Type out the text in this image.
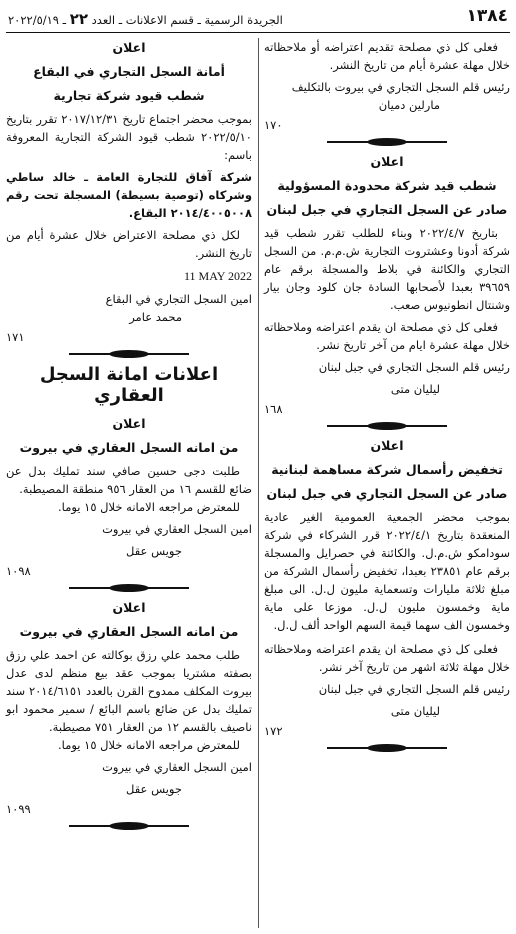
١٣٨٤
الجريدة الرسمية ـ قسم الاعلانات ـ العدد ٢٢ ـ ٢٠٢٢/٥/١٩

فعلى كل ذي مصلحة تقديم اعتراضه أو ملاحظاته خلال مهلة عشرة أيام من تاريخ النشر.

رئيس قلم السجل التجاري في بيروت بالتكليف

مارلين دميان

١٧٠

اعلان

شطب قيد شركة محدودة المسؤولية

صادر عن السجل التجاري في جبل لبنان

بتاريخ ٢٠٢٢/٤/٧ وبناء للطلب تقرر شطب قيد شركة أدونا وعشتروت التجارية ش.م.م. من السجل التجاري والكائنة في بلاط والمسجلة برقم عام ٣٩٦٥٩ بعبدا لأصحابها السادة جان كلود وجان بيار وشنتال انطونيوس صعب.

فعلى كل ذي مصلحة ان يقدم اعتراضه وملاحظاته خلال مهلة عشرة ايام من آخر تاريخ نشر.

رئيس قلم السجل التجاري في جبل لبنان

ليليان متى

١٦٨

اعلان

تخفيض رأسمال شركة مساهمة لبنانية

صادر عن السجل التجاري في جبل لبنان

بموجب محضر الجمعية العمومية الغير عادية المنعقدة بتاريخ ٢٠٢٢/٤/١ قرر الشركاء في شركة سودامكو ش.م.ل. والكائنة في حصرايل والمسجلة برقم عام ٢٣٨٥١ بعبدا، تخفيض رأسمال الشركة من مبلغ ثلاثة مليارات وتسعماية مليون ل.ل. الى مبلغ ماية وخمسون مليون ل.ل. موزعا على ماية وخمسون الف سهما قيمة السهم الواحد ألف ل.ل.

فعلى كل ذي مصلحة ان يقدم اعتراضه وملاحظاته خلال مهلة ثلاثة اشهر من تاريخ آخر نشر.

رئيس قلم السجل التجاري في جبل لبنان

ليليان متى

١٧٢

اعلان

أمانة السجل التجاري في البقاع

شطب قيود شركة تجارية

بموجب محضر اجتماع تاريخ ٢٠١٧/١٢/٣١ تقرر بتاريخ ٢٠٢٢/٥/١٠ شطب قيود الشركة التجارية المعروفة باسم:

شركة آفاق للتجارة العامة ـ خالد ساطي وشركاه (توصية بسيطة) المسجلة تحت رقم ٢٠١٤/٤٠٠٥٠٠٨ البقاع.

لكل ذي مصلحة الاعتراض خلال عشرة أيام من تاريخ النشر.

11 MAY 2022

امين السجل التجاري في البقاع

محمد عامر

١٧١

اعلانات امانة السجل العقاري

اعلان

من امانه السجل العقاري في بيروت

طلبت دجى حسين صافي سند تمليك بدل عن ضائع للقسم ١٦ من العقار ٩٥٦ منطقة المصيطبة.

للمعترض مراجعه الامانه خلال ١٥ يوما.

امين السجل العقاري في بيروت

جويس عقل

١٠٩٨

اعلان

من امانه السجل العقاري في بيروت

طلب محمد علي رزق بوكالته عن احمد علي رزق بصفته مشتريا بموجب عقد بيع منظم لدى عدل بيروت المكلف ممدوح القرن بالعدد ٢٠١٤/٦١٥١ سند تمليك بدل عن ضائع باسم البائع / سمير محمود ابو ناصيف بالقسم ١٢ من العقار ٧٥١ مصيطبة.

للمعترض مراجعه الامانه خلال ١٥ يوما.

امين السجل العقاري في بيروت

جويس عقل

١٠٩٩
